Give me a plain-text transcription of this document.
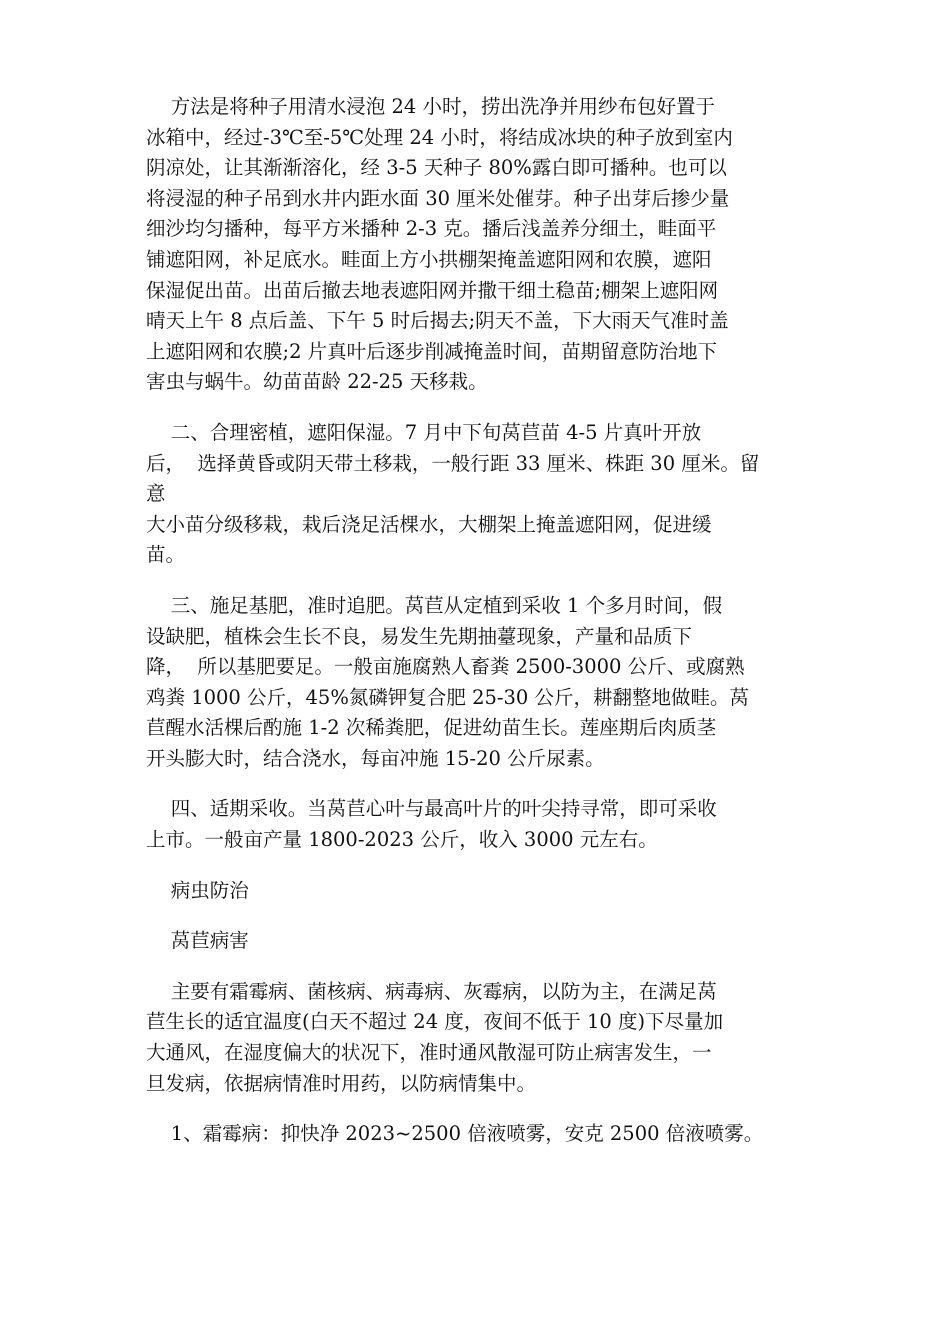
方法是将种子用清水浸泡 24 小时，捞出洗净并用纱布包好置于
冰箱中，经过-3℃至-5℃处理 24 小时，将结成冰块的种子放到室内
阴凉处，让其渐渐溶化，经 3-5 天种子 80%露白即可播种。也可以
将浸湿的种子吊到水井内距水面 30 厘米处催芽。种子出芽后掺少量
细沙均匀播种，每平方米播种 2-3 克。播后浅盖养分细土，畦面平
铺遮阳网，补足底水。畦面上方小拱棚架掩盖遮阳网和农膜，遮阳
保湿促出苗。出苗后撤去地表遮阳网并撒干细土稳苗;棚架上遮阳网
晴天上午 8 点后盖、下午 5 时后揭去;阴天不盖，下大雨天气准时盖
上遮阳网和农膜;2 片真叶后逐步削减掩盖时间，苗期留意防治地下
害虫与蜗牛。幼苗苗龄 22-25 天移栽。
二、合理密植，遮阳保湿。7 月中下旬莴苣苗 4-5 片真叶开放
后，  选择黄昏或阴天带土移栽，一般行距 33 厘米、株距 30 厘米。留
意
大小苗分级移栽，栽后浇足活棵水，大棚架上掩盖遮阳网，促进缓
苗。
三、施足基肥，准时追肥。莴苣从定植到采收 1 个多月时间，假
设缺肥，植株会生长不良，易发生先期抽薹现象，产量和品质下
降，  所以基肥要足。一般亩施腐熟人畜粪 2500-3000 公斤、或腐熟
鸡粪 1000 公斤，45%氮磷钾复合肥 25-30 公斤，耕翻整地做畦。莴
苣醒水活棵后酌施 1-2 次稀粪肥，促进幼苗生长。莲座期后肉质茎
开头膨大时，结合浇水，每亩冲施 15-20 公斤尿素。
四、适期采收。当莴苣心叶与最高叶片的叶尖持寻常，即可采收
上市。一般亩产量 1800-2023 公斤，收入 3000 元左右。
病虫防治
莴苣病害
主要有霜霉病、菌核病、病毒病、灰霉病，以防为主，在满足莴
苣生长的适宜温度(白天不超过 24 度，夜间不低于 10 度)下尽量加
大通风，在湿度偏大的状况下，准时通风散湿可防止病害发生，一
旦发病，依据病情准时用药，以防病情集中。
1、霜霉病：抑快净 2023~2500 倍液喷雾，安克 2500 倍液喷雾。
